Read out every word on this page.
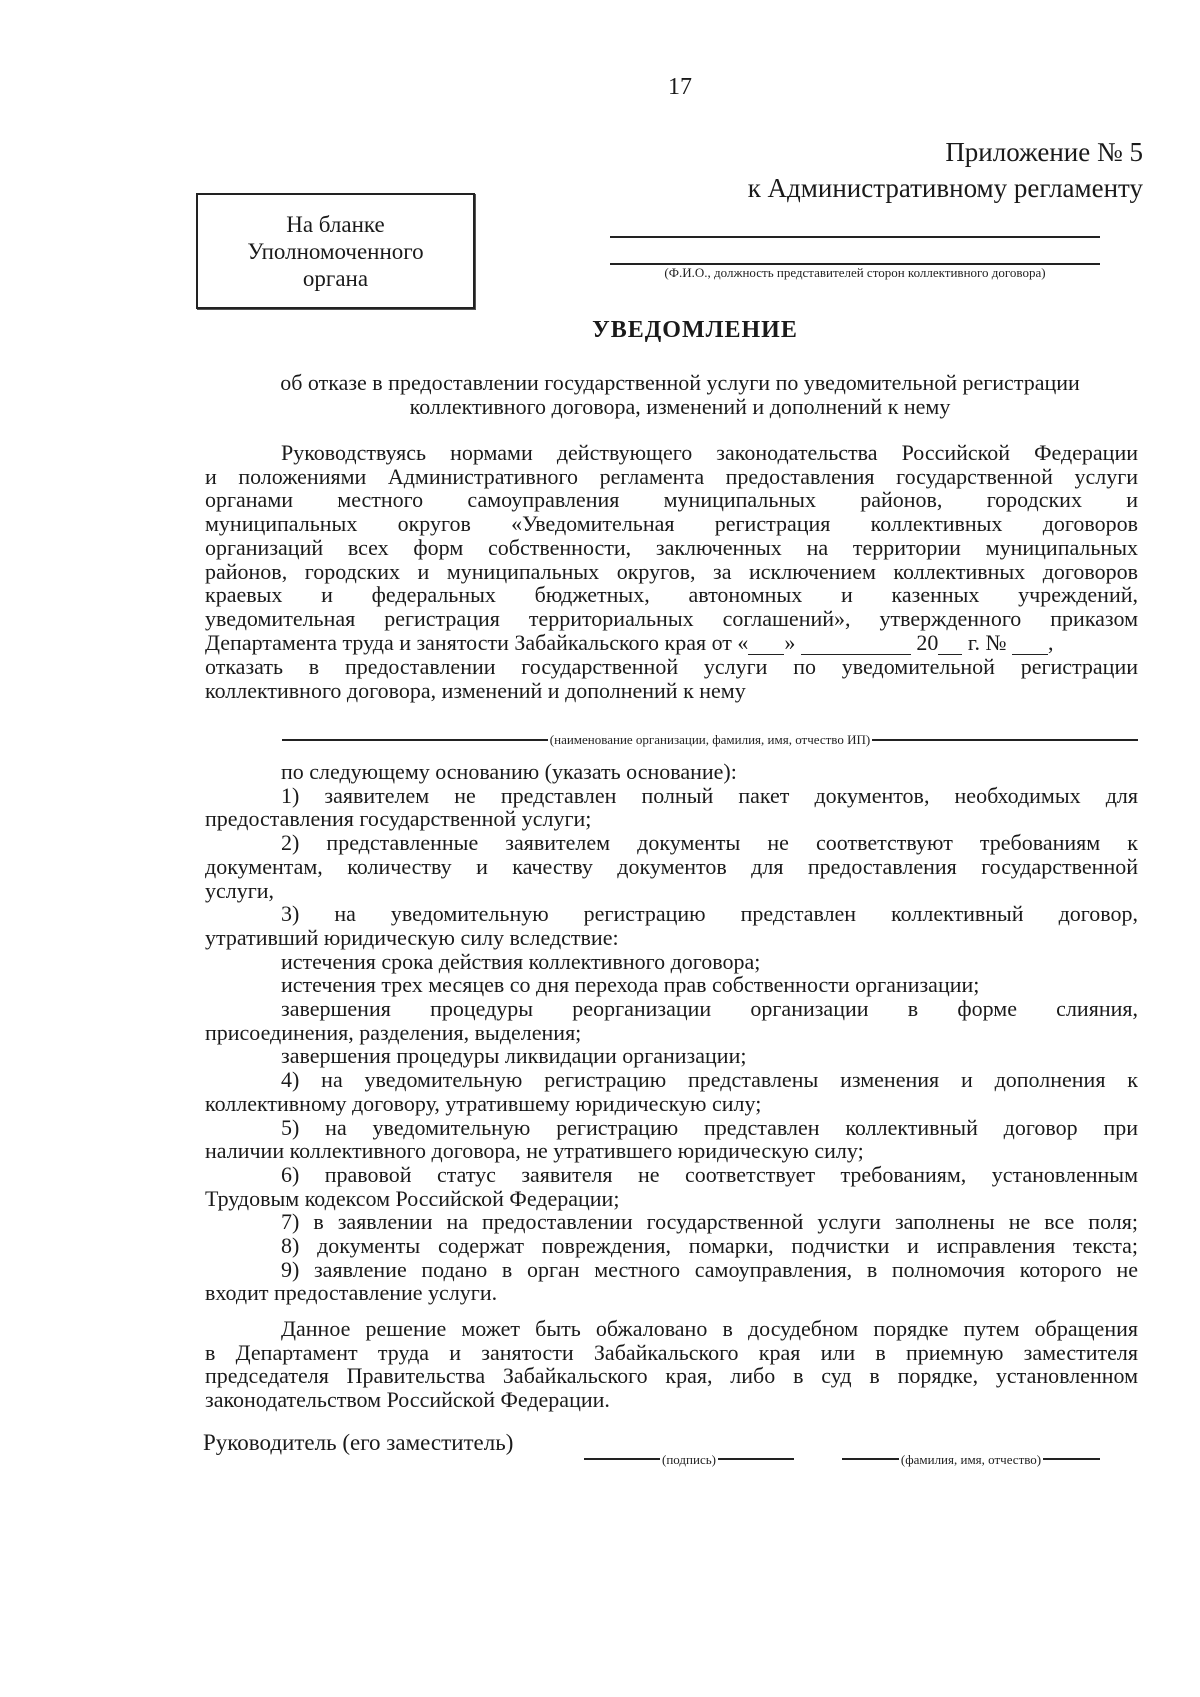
17
Приложение № 5
к Административному регламенту
На бланке
Уполномоченного
органа	(Ф.И.О., должность представителей сторон коллективного договора)
УВЕДОМЛЕНИЕ
об отказе в предоставлении государственной услуги по уведомительной регистрации
коллективного договора, изменений и дополнений к нему

Руководствуясь нормами действующего законодательства Российской Федерации

и положениями Административного регламента предоставления государственной услуги

органами местного самоуправления муниципальных районов, городских и

муниципальных округов «Уведомительная регистрация коллективных договоров

организаций всех форм собственности, заключенных на территории муниципальных

районов, городских и муниципальных округов, за исключением коллективных договоров

краевых и федеральных бюджетных, автономных и казенных учреждений,

уведомительная регистрация территориальных соглашений», утвержденного приказом

Департамента труда и занятости Забайкальского края от « »	20 г. № ,

отказать в предоставлении государственной услуги по уведомительной регистрации

коллективного договора, изменений и дополнений к нему

(наименование организации, фамилия, имя, отчество ИП)

по следующему основанию (указать основание):

1) заявителем не представлен полный пакет документов, необходимых для

предоставления государственной услуги;

2) представленные заявителем документы не соответствуют требованиям к

документам, количеству и качеству документов для предоставления государственной

услуги,

3) на уведомительную регистрацию представлен коллективный договор,

утративший юридическую силу вследствие:

истечения срока действия коллективного договора;

истечения трех месяцев со дня перехода прав собственности организации;

завершения процедуры реорганизации организации в форме слияния,

присоединения, разделения, выделения;

завершения процедуры ликвидации организации;

4) на уведомительную регистрацию представлены изменения и дополнения к

коллективному договору, утратившему юридическую силу;

5) на уведомительную регистрацию представлен коллективный договор при

наличии коллективного договора, не утратившего юридическую силу;

6) правовой статус заявителя не соответствует требованиям, установленным

Трудовым кодексом Российской Федерации;

7) в заявлении на предоставлении государственной услуги заполнены не все поля;

8) документы содержат повреждения, помарки, подчистки и исправления текста;

9) заявление подано в орган местного самоуправления, в полномочия которого не

входит предоставление услуги.

Данное решение может быть обжаловано в досудебном порядке путем обращения

в Департамент труда и занятости Забайкальского края или в приемную заместителя

председателя Правительства Забайкальского края, либо в суд в порядке, установленном

законодательством Российской Федерации.

Руководитель (его заместитель)
(подпись)	(фамилия, имя, отчество)
